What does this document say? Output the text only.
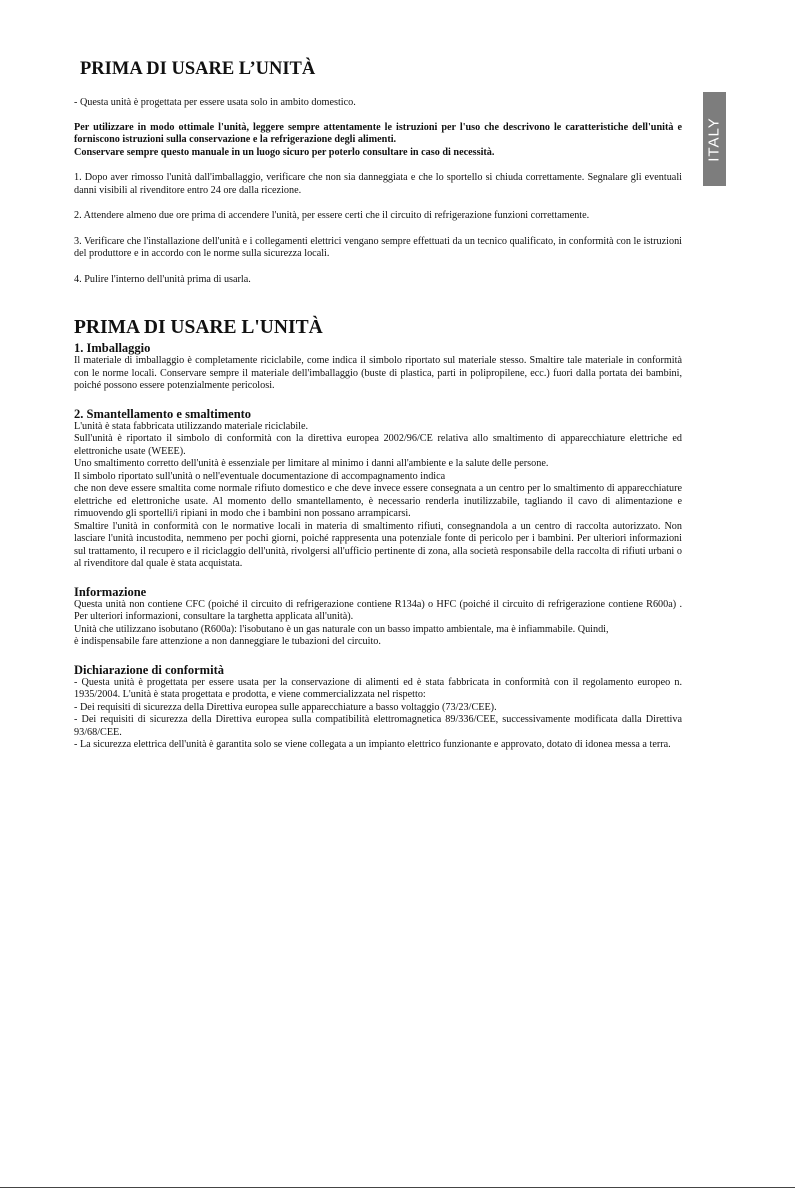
ITALY
PRIMA DI USARE L’UNITÀ

- Questa unità è progettata per essere usata solo in ambito domestico.

Per utilizzare in modo ottimale l'unità, leggere sempre attentamente le istruzioni per l'uso che descrivono le caratteristiche dell'unità e forniscono istruzioni sulla conservazione e la refrigerazione degli alimenti.

Conservare sempre questo manuale in un luogo sicuro per poterlo consultare in caso di necessità.

1. Dopo aver rimosso l'unità dall'imballaggio, verificare che non sia danneggiata e che lo sportello si chiuda correttamente. Segnalare gli eventuali danni visibili al rivenditore entro 24 ore dalla ricezione.

2. Attendere almeno due ore prima di accendere l'unità, per essere certi che il circuito di refrigerazione funzioni correttamente.

3. Verificare che l'installazione dell'unità e i collegamenti elettrici vengano sempre effettuati da un tecnico qualificato, in conformità con le istruzioni del produttore e in accordo con le norme sulla sicurezza locali.

4. Pulire l'interno dell'unità prima di usarla.

PRIMA DI USARE L'UNITÀ
1. Imballaggio

Il materiale di imballaggio è completamente riciclabile, come indica il simbolo riportato sul materiale stesso. Smaltire tale materiale in conformità con le norme locali. Conservare sempre il materiale dell'imballaggio (buste di plastica, parti in polipropilene, ecc.) fuori dalla portata dei bambini, poiché possono essere potenzialmente pericolosi.

2. Smantellamento e smaltimento

L'unità è stata fabbricata utilizzando materiale riciclabile.

Sull'unità è riportato il simbolo di conformità con la direttiva europea 2002/96/CE relativa allo smaltimento di apparecchiature elettriche ed elettroniche usate (WEEE).

Uno smaltimento corretto dell'unità è essenziale per limitare al minimo i danni all'ambiente e la salute delle persone.

Il simbolo riportato sull'unità o nell'eventuale documentazione di accompagnamento indica

che non deve essere smaltita come normale rifiuto domestico e che deve invece essere consegnata a un centro per lo smaltimento di apparecchiature elettriche ed elettroniche usate. Al momento dello smantellamento, è necessario renderla inutilizzabile, tagliando il cavo di alimentazione e rimuovendo gli sportelli/i ripiani in modo che i bambini non possano arrampicarsi.

Smaltire l'unità in conformità con le normative locali in materia di smaltimento rifiuti, consegnandola a un centro di raccolta autorizzato. Non lasciare l'unità incustodita, nemmeno per pochi giorni, poiché rappresenta una potenziale fonte di pericolo per i bambini. Per ulteriori informazioni sul trattamento, il recupero e il riciclaggio dell'unità, rivolgersi all'ufficio pertinente di zona, alla società responsabile della raccolta di rifiuti urbani o al rivenditore dal quale è stata acquistata.

Informazione

Questa unità non contiene CFC (poiché il circuito di refrigerazione contiene R134a) o HFC (poiché il circuito di refrigerazione contiene R600a) . Per ulteriori informazioni, consultare la targhetta applicata all'unità).

Unità che utilizzano isobutano (R600a): l'isobutano è un gas naturale con un basso impatto ambientale, ma è infiammabile. Quindi,

è indispensabile fare attenzione a non danneggiare le tubazioni del circuito.

Dichiarazione di conformità

- Questa unità è progettata per essere usata per la conservazione di alimenti ed è stata fabbricata in conformità con il regolamento europeo n. 1935/2004. L'unità è stata progettata e prodotta, e viene commercializzata nel rispetto:

- Dei requisiti di sicurezza della Direttiva europea sulle apparecchiature a basso voltaggio (73/23/CEE).

- Dei requisiti di sicurezza della Direttiva europea sulla compatibilità elettromagnetica 89/336/CEE, successivamente modificata dalla Direttiva 93/68/CEE.

- La sicurezza elettrica dell'unità è garantita solo se viene collegata a un impianto elettrico funzionante e approvato, dotato di idonea messa a terra.
